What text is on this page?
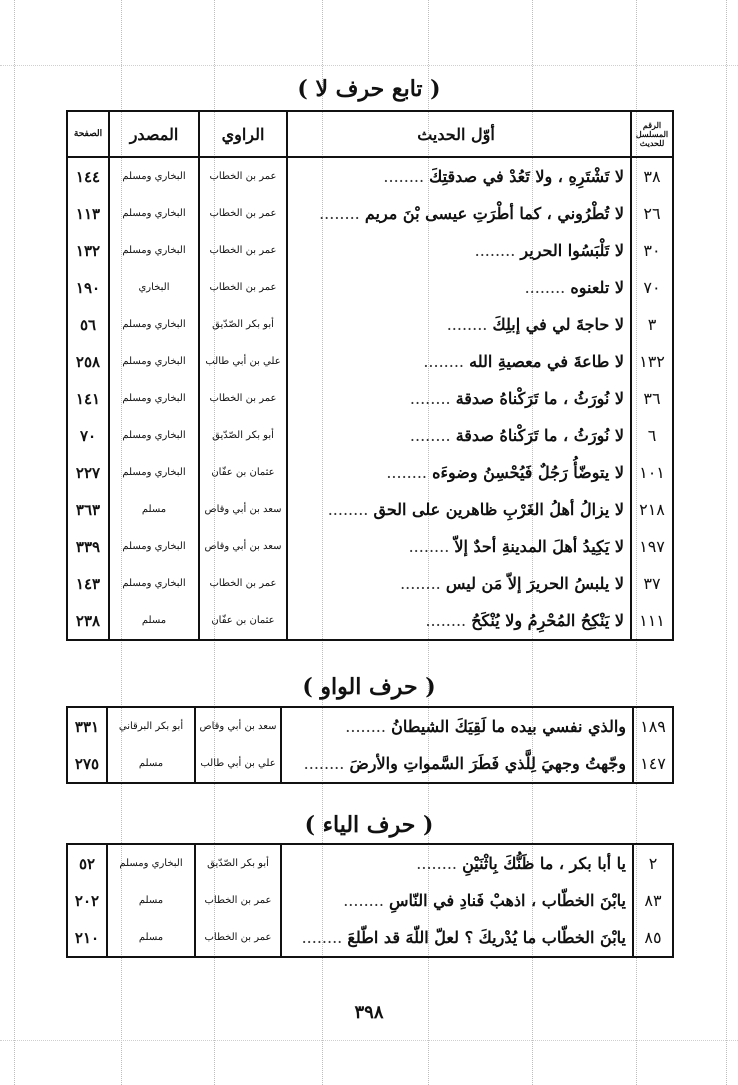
( تابع حرف لا )
الرقم المسلسل للحديث	أوّل الحديث	الراوي	المصدر	الصفحة
٣٨	لا تَشْتَرِهِ ، ولا تَعُدْ في صدقتِكَ ........	عمر بن الخطاب	البخاري ومسلم	١٤٤
٢٦	لا تُطْرُوني ، كما أطْرَتِ عيسى بْنَ مريم ........	عمر بن الخطاب	البخاري ومسلم	١١٣
٣٠	لا تَلْبَسُوا الحرير ........	عمر بن الخطاب	البخاري ومسلم	١٣٢
٧٠	لا تلعنوه ........	عمر بن الخطاب	البخاري	١٩٠
٣	لا حاجةَ لي في إبلِكَ ........	أبو بكر الصّدّيق	البخاري ومسلم	٥٦
١٣٢	لا طاعةَ في معصيةِ الله ........	علي بن أبي طالب	البخاري ومسلم	٢٥٨
٣٦	لا نُورَثُ ، ما تَرَكْناهُ صدقة ........	عمر بن الخطاب	البخاري ومسلم	١٤١
٦	لا نُورَثُ ، ما تَرَكْناهُ صدقة ........	أبو بكر الصّدّيق	البخاري ومسلم	٧٠
١٠١	لا يتوضّأُ رَجُلٌ فَيُحْسِنُ وضوءَه ........	عثمان بن عفّان	البخاري ومسلم	٢٢٧
٢١٨	لا يزالُ أهلُ الغَرْبِ ظاهرين على الحق ........	سعد بن أبي وقاص	مسلم	٣٦٣
١٩٧	لا يَكِيدُ أهلَ المدينةِ أحدٌ إلاّ ........	سعد بن أبي وقاص	البخاري ومسلم	٣٣٩
٣٧	لا يلبسُ الحريرَ إلاّ مَن ليس ........	عمر بن الخطاب	البخاري ومسلم	١٤٣
١١١	لا يَنْكِحُ المُحْرِمُ ولا يُنْكَحُ ........	عثمان بن عفّان	مسلم	٢٣٨
( حرف الواو )
١٨٩	والذي نفسي بيده ما لَقِيَكَ الشيطانُ ........	سعد بن أبي وقاص	أبو بكر البرقاني	٣٣١
١٤٧	وجّهتُ وجهيَ لِلَّذي فَطَرَ السَّمواتِ والأرضَ ........	علي بن أبي طالب	مسلم	٢٧٥
( حرف الياء )
٢	يا أبا بكر ، ما ظَنُّكَ بِاثْنَيْنِ ........	أبو بكر الصّدّيق	البخاري ومسلم	٥٢
٨٣	يابْنَ الخطّاب ، اذهبْ فَنادِ في النّاسِ ........	عمر بن الخطاب	مسلم	٢٠٢
٨٥	يابْنَ الخطّاب ما يُدْريكَ ؟ لعلّ اللّهَ قد اطّلعَ ........	عمر بن الخطاب	مسلم	٢١٠
٣٩٨
